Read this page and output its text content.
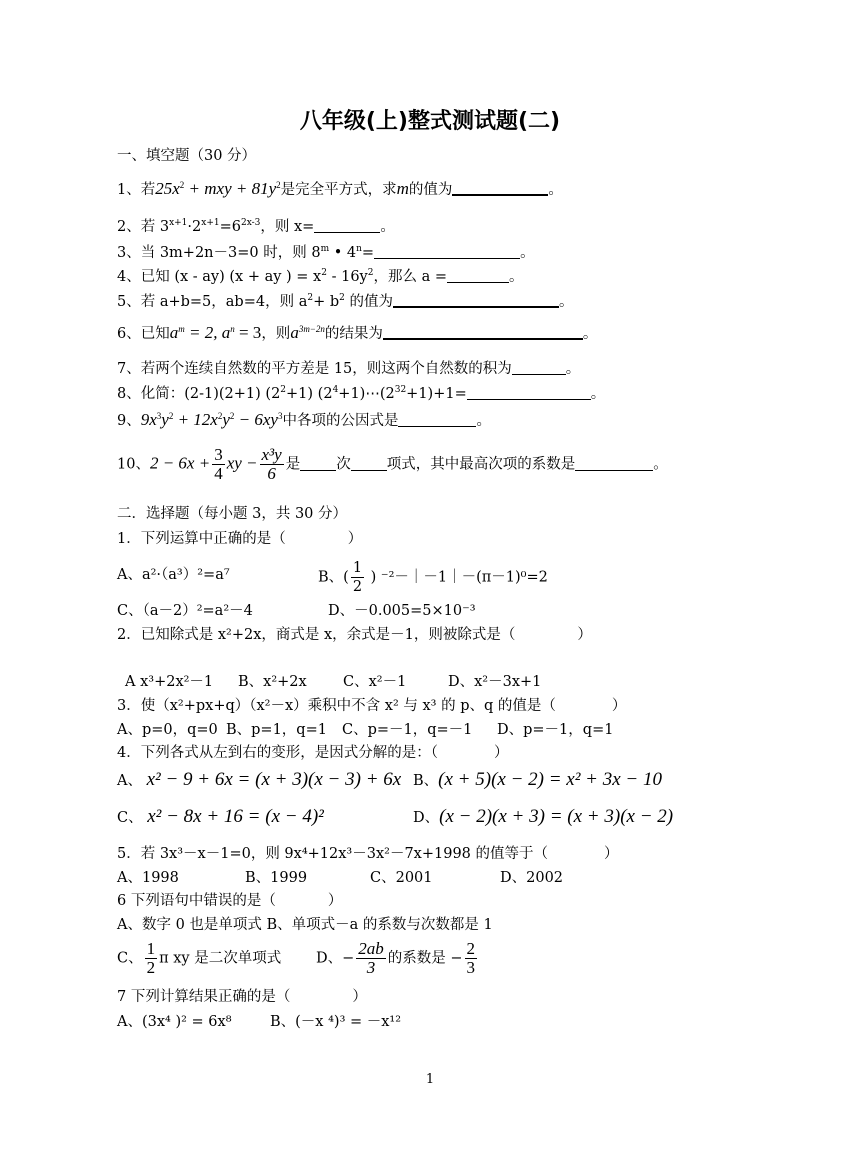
八年级(上)整式测试题(二)
一、填空题（30 分）
1、若$25x^2$ + mxy + $81y^2$是完全平方式，求m的值为	。
2、若 $3^{x+1}\cdot 2^{x+1}=6^{2x-3}$，则 x=	。
3、当 3m+2n－3=0 时，则 8$^m$ • $4^n=$	。
4、已知 (x - ay) (x + ay ) = $x^2 - 16y^2$，那么 a =	。
5、若 a+b=5，ab=4，则 $a^2+ b^2$ 的值为	。
6、已知$a^m = 2$, $a^n = 3$，则$a^{3m-2n}$的结果为	。
7、若两个连续自然数的平方差是 15，则这两个自然数的积为	。
8、化简：(2-1)(2+1) $(2^2+1)$ $(2^4+1)\cdots(2^{32}+1)+1=$	。
9、$9x^3y^2 + 12x^2y^2 - 6xy^3$中各项的公因式是	。
10、$2 - 6x + \frac{3}{4}$ xy − $\frac{\text{x³y}}{6}$ 是 次 项式，其中最高次项的系数是	。
二．选择题（每小题 3，共 30 分）
1．下列运算中正确的是（	）
A、a²·（a³）²=a⁷	B、( $\frac{1}{2}$ ) ⁻²－｜－1｜－(π－1)⁰=2
C、（a－2）²=a²－4	D、－0.005=5×10⁻³
2．已知除式是 x²+2x，商式是 x，余式是－1，则被除式是（	）
A x³+2x²－1 B、x²+2x	C、x²－1	D、x²－3x+1
3．使（x²+px+q）（x²－x）乘积中不含 x² 与 x³ 的 p、q 的值是（	）
A、p=0，q=0 B、p=1，q=1 C、p=－1，q=－1 D、p=－1，q=1
4．下列各式从左到右的变形，是因式分解的是：（	）
A、 x² − 9 + 6x = (x + 3)(x − 3) + 6x B、(x + 5)(x − 2) = x² + 3x − 10
C、 x² − 8x + 16 = (x − 4)²	D、(x − 2)(x + 3) = (x + 3)(x − 2)
5．若 3x³－x－1=0，则 9x⁴+12x³－3x²－7x+1998 的值等于（	）
A、1998	B、1999	C、2001	D、2002
6 下列语句中错误的是（	）
A、数字 0 也是单项式 B、单项式－a 的系数与次数都是 1
C、 $\frac{1}{2}$ π xy 是二次单项式 D、− $\frac{2ab}{3}$ 的系数是 − $\frac{2}{3}$
7 下列计算结果正确的是（	）
A、(3x⁴ )² = 6x⁸	B、(－x ⁴)³ = －x¹²
1
